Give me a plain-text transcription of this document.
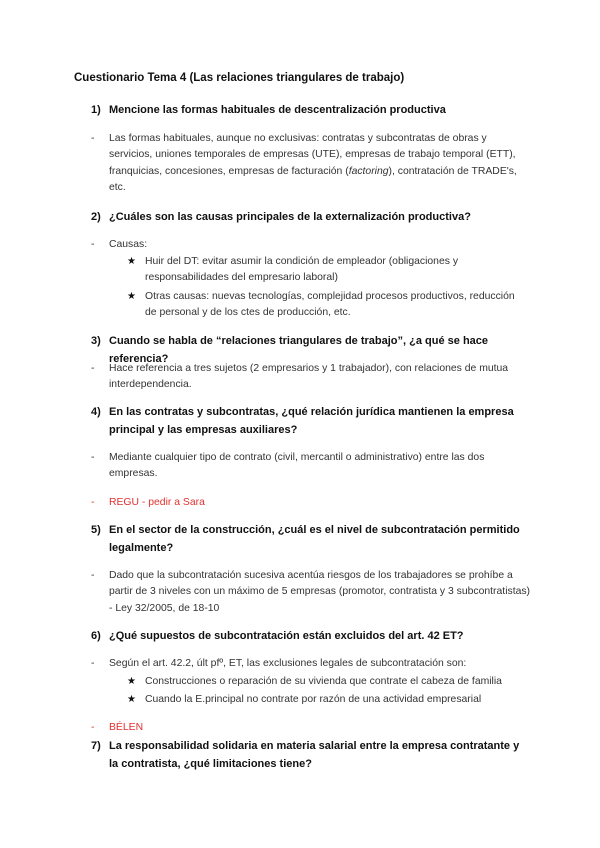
Cuestionario Tema 4 (Las relaciones triangulares de trabajo)
1) Mencione las formas habituales de descentralización productiva
- Las formas habituales, aunque no exclusivas: contratas y subcontratas de obras y servicios, uniones temporales de empresas (UTE), empresas de trabajo temporal (ETT), franquicias, concesiones, empresas de facturación (factoring), contratación de TRADE's, etc.
2) ¿Cuáles son las causas principales de la externalización productiva?
- Causas:
★ Huir del DT: evitar asumir la condición de empleador (obligaciones y responsabilidades del empresario laboral)
★ Otras causas: nuevas tecnologías, complejidad procesos productivos, reducción de personal y de los ctes de producción, etc.
3) Cuando se habla de “relaciones triangulares de trabajo”, ¿a qué se hace referencia?
- Hace referencia a tres sujetos (2 empresarios y 1 trabajador), con relaciones de mutua interdependencia.
4) En las contratas y subcontratas, ¿qué relación jurídica mantienen la empresa principal y las empresas auxiliares?
- Mediante cualquier tipo de contrato (civil, mercantil o administrativo) entre las dos empresas.
- REGU - pedir a Sara
5) En el sector de la construcción, ¿cuál es el nivel de subcontratación permitido legalmente?
- Dado que la subcontratación sucesiva acentúa riesgos de los trabajadores se prohíbe a partir de 3 niveles con un máximo de 5 empresas (promotor, contratista y 3 subcontratistas) - Ley 32/2005, de 18-10
6) ¿Qué supuestos de subcontratación están excluidos del art. 42 ET?
- Según el art. 42.2, últ pfº, ET, las exclusiones legales de subcontratación son:
★ Construcciones o reparación de su vivienda que contrate el cabeza de familia
★ Cuando la E.principal no contrate por razón de una actividad empresarial
- BÉLEN
7) La responsabilidad solidaria en materia salarial entre la empresa contratante y la contratista, ¿qué limitaciones tiene?
